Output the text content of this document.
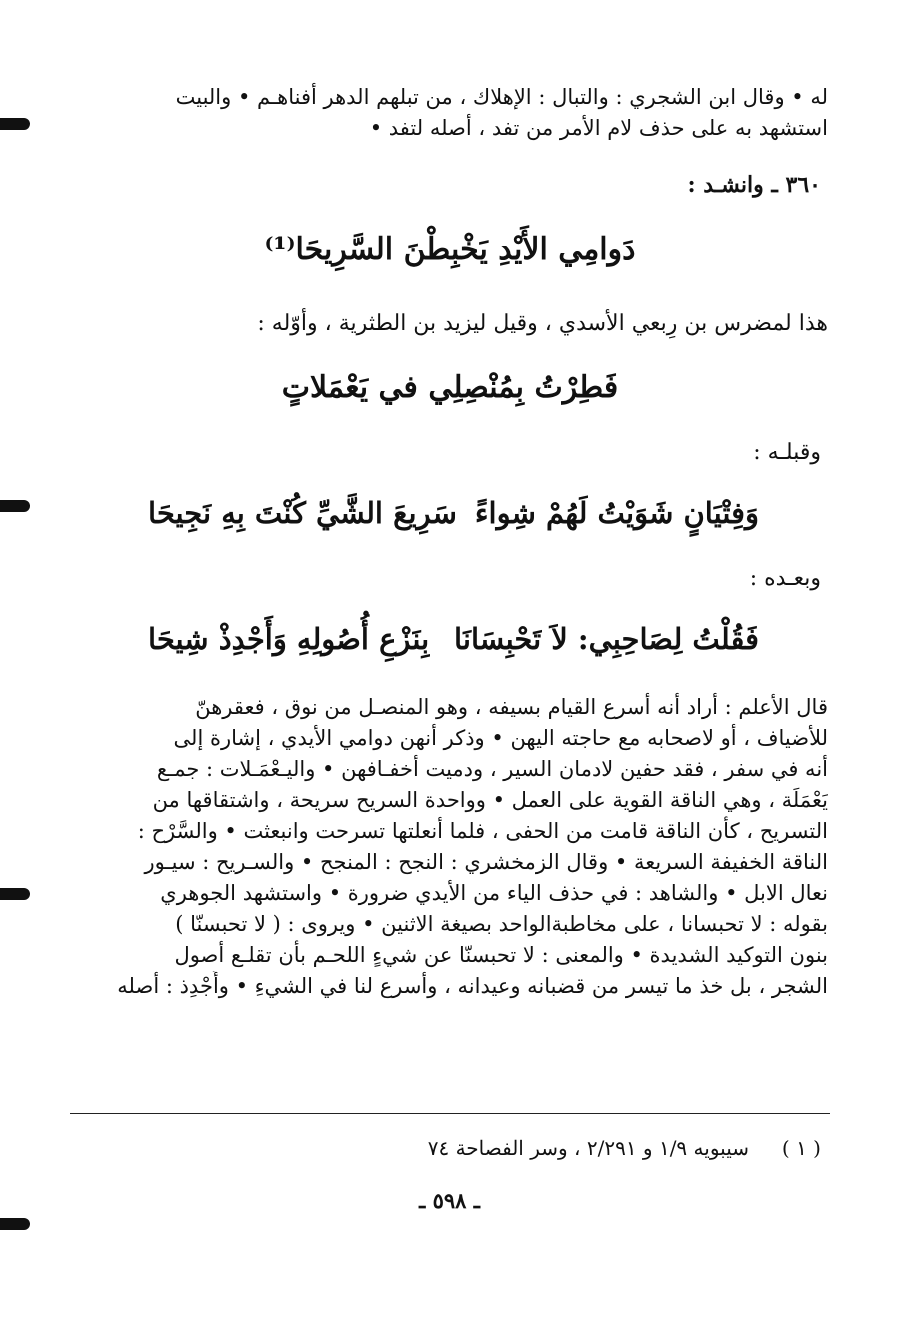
له • وقال ابن الشجري : والتبال : الإهلاك ، من تبلهم الدهر أفناهـم • والبيت
استشهد به على حذف لام الأمر من تفد ، أصله لتفد •
٣٦٠ ـ وانشـد :
دَوامِي الأَيْدِ يَخْبِطْنَ السَّرِيحَا⁽¹⁾
هذا لمضرس بن رِبعي الأسدي ، وقيل ليزيد بن الطثرية ، وأوّله :
فَطِرْتُ بِمُنْصِلِي في يَعْمَلاتٍ
وقبلـه :
وَفِتْيَانٍ شَوَيْتُ لَهُمْ شِواءً
سَرِيعَ الشَّيِّ كُنْتَ بِهِ نَجِيحَا
وبعـده :
فَقُلْتُ لِصَاحِبِي: لاَ تَحْبِسَانَا
بِنَزْعِ أُصُولِهِ وَأَجْدِذْ شِيحَا
قال الأعلم : أراد أنه أسرع القيام بسيفه ، وهو المنصـل من نوق ، فعقرهنّ
للأضياف ، أو لاصحابه مع حاجته اليهن • وذكر أنهن دوامي الأيدي ، إشارة إلى
أنه في سفر ، فقد حفين لادمان السير ، ودميت أخفـافهن • واليـعْمَـلات : جمـع
يَعْمَلَة ، وهي الناقة القوية على العمل • وواحدة السريح سريحة ، واشتقاقها من
التسريح ، كأن الناقة قامت من الحفى ، فلما أنعلتها تسرحت وانبعثت • والسَّرْح :
الناقة الخفيفة السريعة • وقال الزمخشري : النجح : المنجح • والسـريح : سيـور
نعال الابل • والشاهد : في حذف الياء من الأيدي ضرورة • واستشهد الجوهري
بقوله : لا تحبسانا ، على مخاطبةالواحد بصيغة الاثنين • ويروى : ( لا تحبسنّا )
بنون التوكيد الشديدة • والمعنى : لا تحبسنّا عن شيءٍ اللحـم بأن تقلـع أصول
الشجر ، بل خذ ما تيسر من قضبانه وعيدانه ، وأسرع لنا في الشيءِ • وأَجْدِذ : أصله
( ١ )
سيبويه ١/٩ و ٢/٢٩١ ، وسر الفصاحة ٧٤
ـ ٥٩٨ ـ
